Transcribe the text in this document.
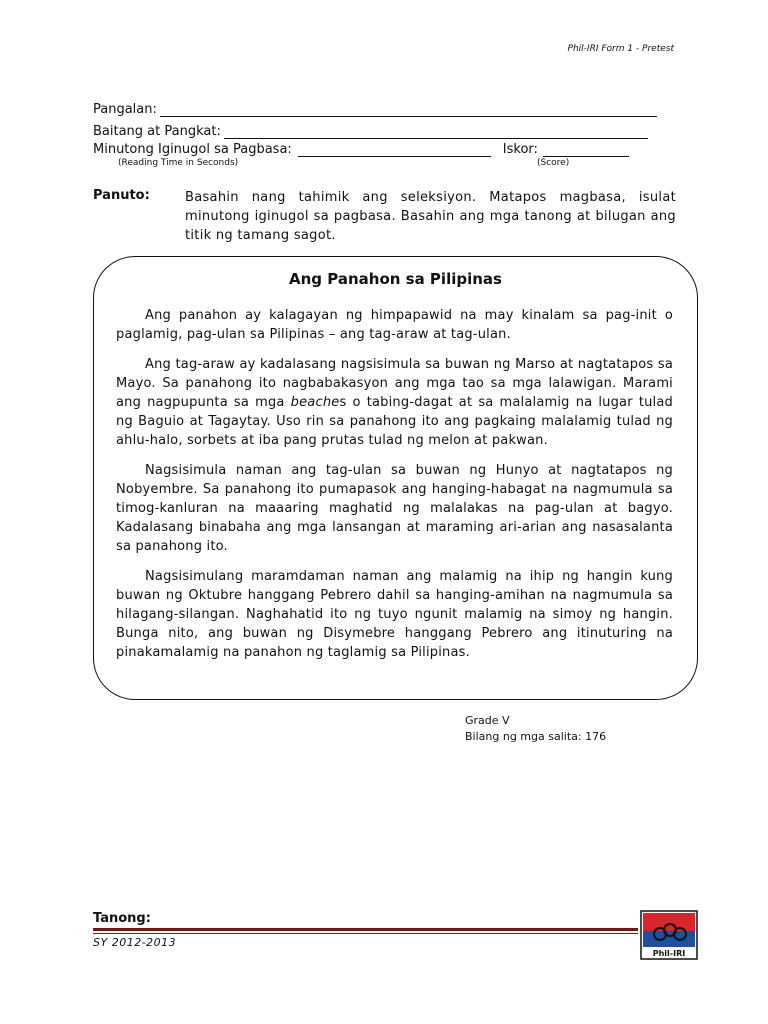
Phil-IRI Form 1 - Pretest
Pangalan:
Baitang at Pangkat:
Minutong Iginugol sa Pagbasa:	Iskor:
(Reading Time in Seconds)	(Score)
Panuto:	Basahin nang tahimik ang seleksiyon. Matapos magbasa, isulat minutong iginugol sa pagbasa. Basahin ang mga tanong at bilugan ang titik ng tamang sagot.
Ang Panahon sa Pilipinas

Ang panahon ay kalagayan ng himpapawid na may kinalam sa pag-init o paglamig, pag-ulan sa Pilipinas – ang tag-araw at tag-ulan.

Ang tag-araw ay kadalasang nagsisimula sa buwan ng Marso at nagtatapos sa Mayo. Sa panahong ito nagbabakasyon ang mga tao sa mga lalawigan. Marami ang nagpupunta sa mga beaches o tabing-dagat at sa malalamig na lugar tulad ng Baguio at Tagaytay. Uso rin sa panahong ito ang pagkaing malalamig tulad ng ahlu-halo, sorbets at iba pang prutas tulad ng melon at pakwan.

Nagsisimula naman ang tag-ulan sa buwan ng Hunyo at nagtatapos ng Nobyembre. Sa panahong ito pumapasok ang hanging-habagat na nagmumula sa timog-kanluran na maaaring maghatid ng malalakas na pag-ulan at bagyo. Kadalasang binabaha ang mga lansangan at maraming ari-arian ang nasasalanta sa panahong ito.

Nagsisimulang maramdaman naman ang malamig na ihip ng hangin kung buwan ng Oktubre hanggang Pebrero dahil sa hanging-amihan na nagmumula sa hilagang-silangan. Naghahatid ito ng tuyo ngunit malamig na simoy ng hangin. Bunga nito, ang buwan ng Disymebre hanggang Pebrero ang itinuturing na pinakamalamig na panahon ng taglamig sa Pilipinas.

Grade V
Bilang ng mga salita: 176
Tanong:
SY 2012-2013
Phil-IRI
